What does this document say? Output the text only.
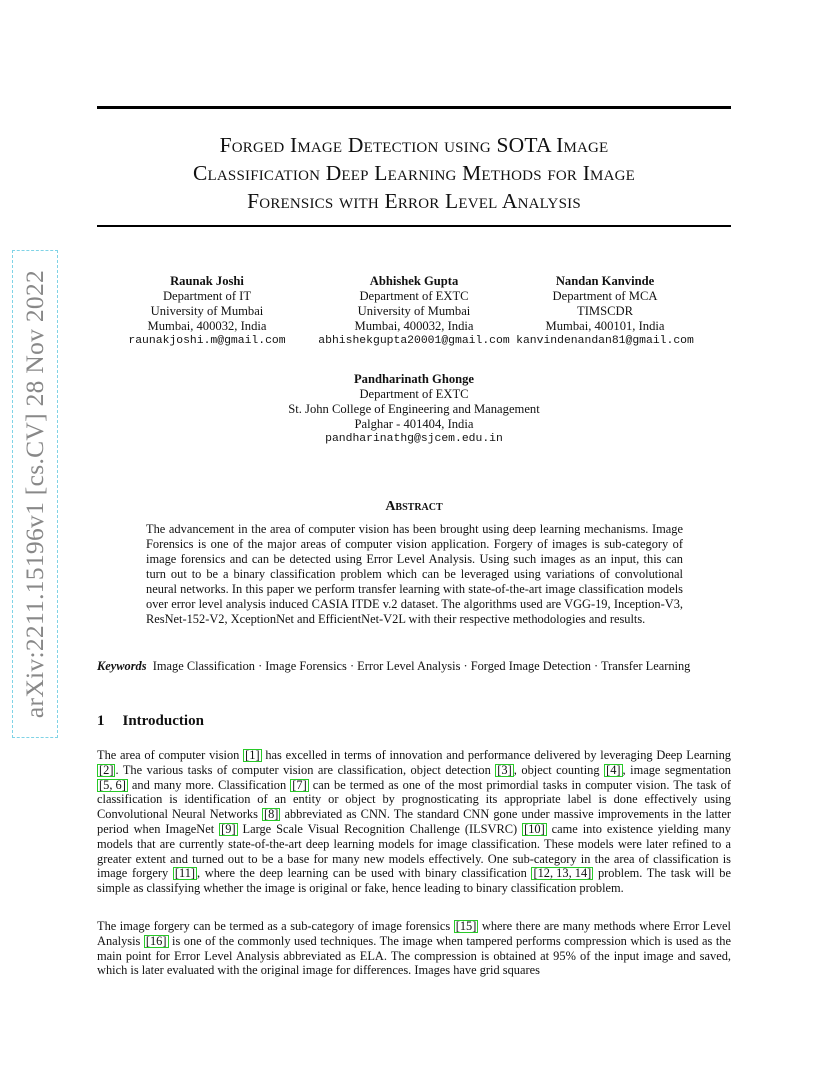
arXiv:2211.15196v1 [cs.CV] 28 Nov 2022
Forged Image Detection using SOTA Image
Classification Deep Learning Methods for Image
Forensics with Error Level Analysis
Raunak Joshi
Department of IT
University of Mumbai
Mumbai, 400032, India
raunakjoshi.m@gmail.com
Abhishek Gupta
Department of EXTC
University of Mumbai
Mumbai, 400032, India
abhishekgupta20001@gmail.com
Nandan Kanvinde
Department of MCA
TIMSCDR
Mumbai, 400101, India
kanvindenandan81@gmail.com
Pandharinath Ghonge
Department of EXTC
St. John College of Engineering and Management
Palghar - 401404, India
pandharinathg@sjcem.edu.in
Abstract
The advancement in the area of computer vision has been brought using deep learning mechanisms. Image Forensics is one of the major areas of computer vision application. Forgery of images is sub-category of image forensics and can be detected using Error Level Analysis. Using such images as an input, this can turn out to be a binary classification problem which can be leveraged using variations of convolutional neural networks. In this paper we perform transfer learning with state-of-the-art image classification models over error level analysis induced CASIA ITDE v.2 dataset. The algorithms used are VGG-19, Inception-V3, ResNet-152-V2, XceptionNet and EfficientNet-V2L with their respective methodologies and results.
Keywords Image Classification · Image Forensics · Error Level Analysis · Forged Image Detection · Transfer Learning
1 Introduction
The area of computer vision [1] has excelled in terms of innovation and performance delivered by leveraging Deep Learning [2] . The various tasks of computer vision are classification, object detection [3] , object counting [4] , image segmentation [5, 6] and many more. Classification [7] can be termed as one of the most primordial tasks in computer vision. The task of classification is identification of an entity or object by prognosticating its appropriate label is done effectively using Convolutional Neural Networks [8] abbreviated as CNN. The standard CNN gone under massive improvements in the latter period when ImageNet [9] Large Scale Visual Recognition Challenge (ILSVRC) [10] came into existence yielding many models that are currently state-of-the-art deep learning models for image classification. These models were later refined to a greater extent and turned out to be a base for many new models effectively. One sub-category in the area of classification is image forgery [11] , where the deep learning can be used with binary classification [12, 13, 14] problem. The task will be simple as classifying whether the image is original or fake, hence leading to binary classification problem.
The image forgery can be termed as a sub-category of image forensics [15] where there are many methods where Error Level Analysis [16] is one of the commonly used techniques. The image when tampered performs compression which is used as the main point for Error Level Analysis abbreviated as ELA. The compression is obtained at 95% of the input image and saved, which is later evaluated with the original image for differences. Images have grid squares
